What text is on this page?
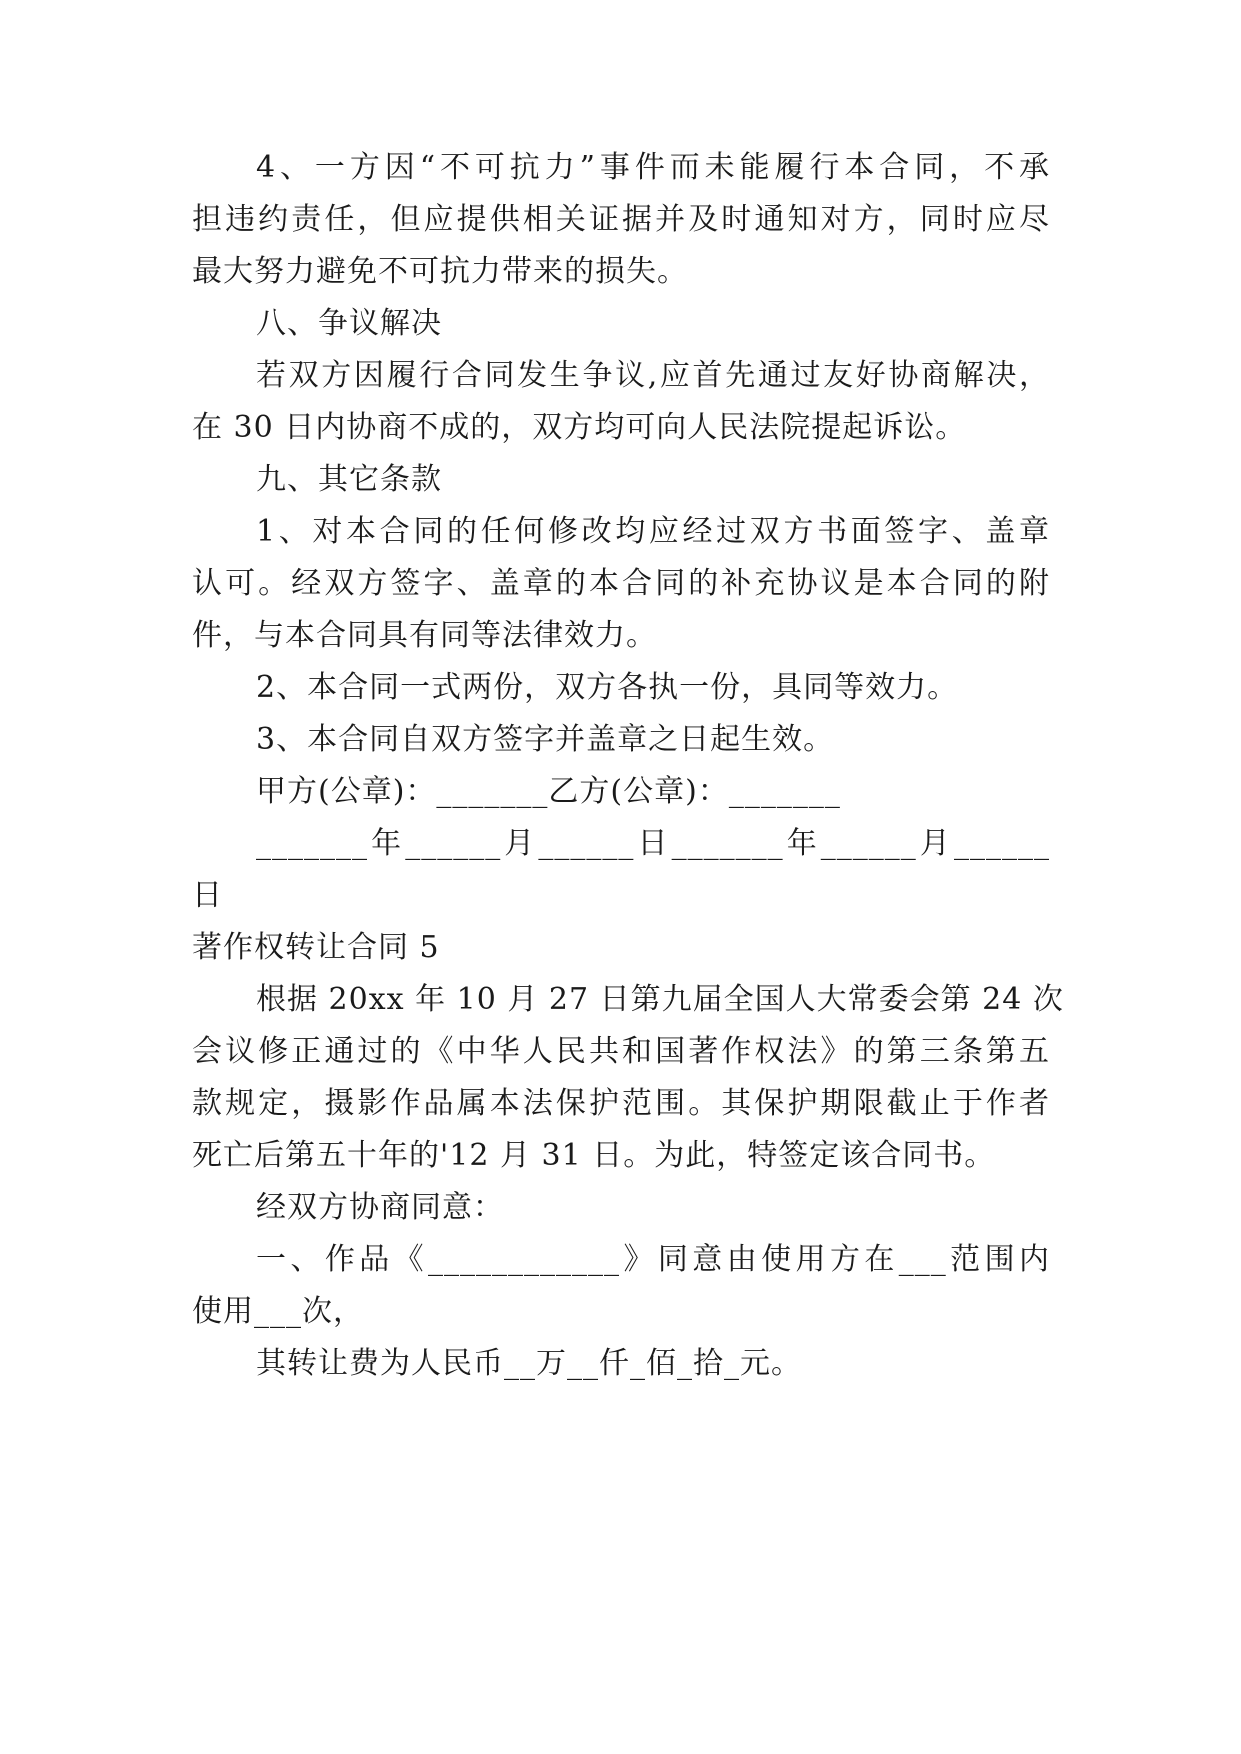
4、一方因“不可抗力”事件而未能履行本合同，不承
担违约责任，但应提供相关证据并及时通知对方，同时应尽
最大努力避免不可抗力带来的损失。
八、争议解决
若双方因履行合同发生争议,应首先通过友好协商解决，
在 30 日内协商不成的，双方均可向人民法院提起诉讼。
九、其它条款
1、对本合同的任何修改均应经过双方书面签字、盖章
认可。经双方签字、盖章的本合同的补充协议是本合同的附
件，与本合同具有同等法律效力。
2、本合同一式两份，双方各执一份，具同等效力。
3、本合同自双方签字并盖章之日起生效。
甲方(公章)：_______乙方(公章)：_______
_______年______月______日_______年______月______
日
著作权转让合同 5
根据 20xx 年 10 月 27 日第九届全国人大常委会第 24 次
会议修正通过的《中华人民共和国著作权法》的第三条第五
款规定，摄影作品属本法保护范围。其保护期限截止于作者
死亡后第五十年的'12 月 31 日。为此，特签定该合同书。
经双方协商同意：
一、作品《____________》同意由使用方在___范围内
使用___次，
其转让费为人民币__万__仟_佰_拾_元。
